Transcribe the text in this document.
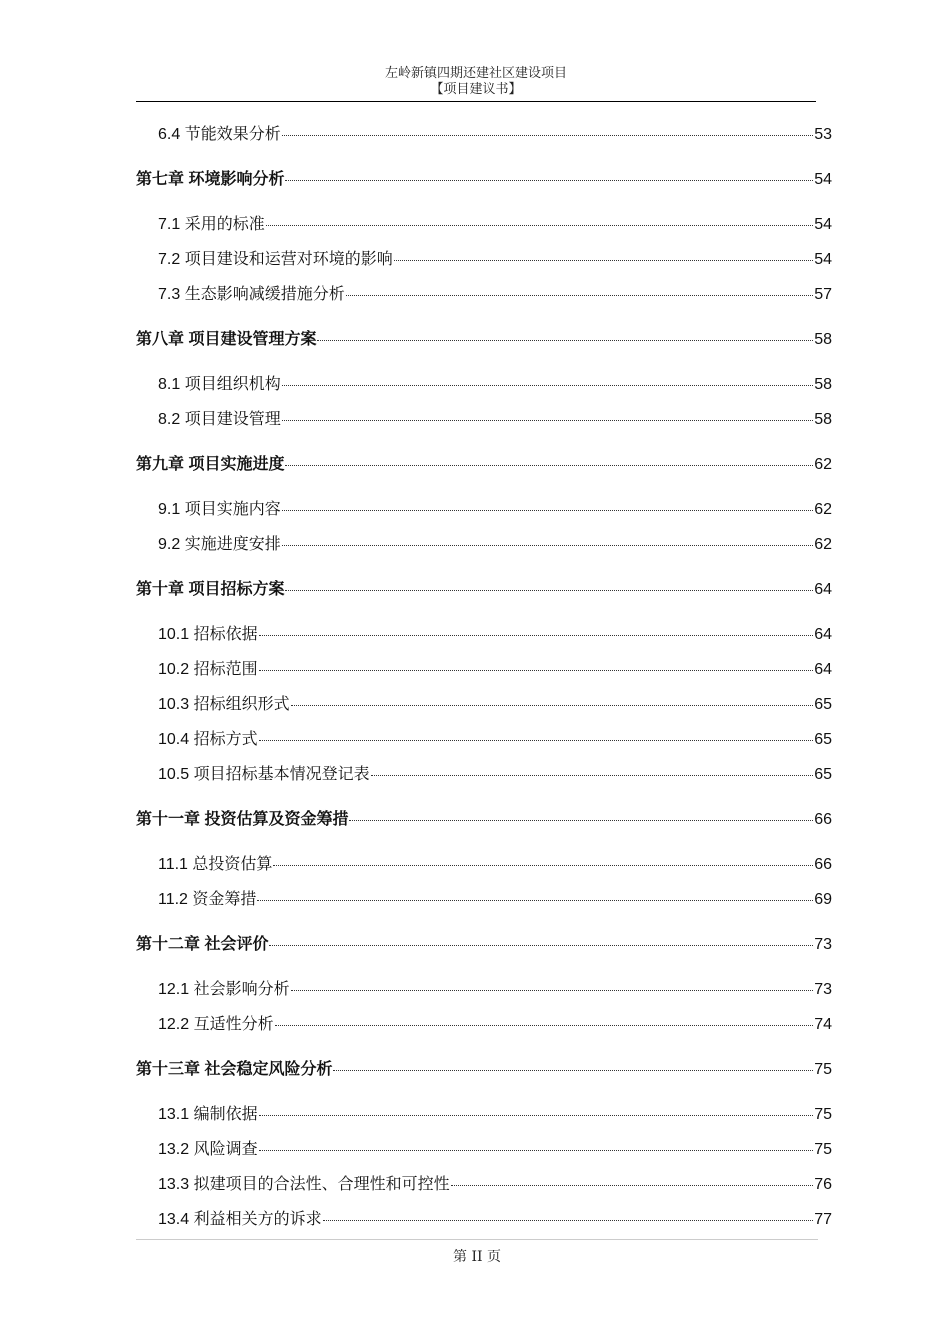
左岭新镇四期还建社区建设项目
【项目建议书】
6.4 节能效果分析	53
第七章 环境影响分析	54
7.1 采用的标准	54
7.2 项目建设和运营对环境的影响	54
7.3 生态影响减缓措施分析	57
第八章 项目建设管理方案	58
8.1 项目组织机构	58
8.2 项目建设管理	58
第九章 项目实施进度	62
9.1 项目实施内容	62
9.2 实施进度安排	62
第十章 项目招标方案	64
10.1 招标依据	64
10.2 招标范围	64
10.3 招标组织形式	65
10.4 招标方式	65
10.5 项目招标基本情况登记表	65
第十一章 投资估算及资金筹措	66
11.1 总投资估算	66
11.2 资金筹措	69
第十二章 社会评价	73
12.1 社会影响分析	73
12.2 互适性分析	74
第十三章 社会稳定风险分析	75
13.1 编制依据	75
13.2 风险调查	75
13.3 拟建项目的合法性、合理性和可控性	76
13.4 利益相关方的诉求	77
第 II 页
